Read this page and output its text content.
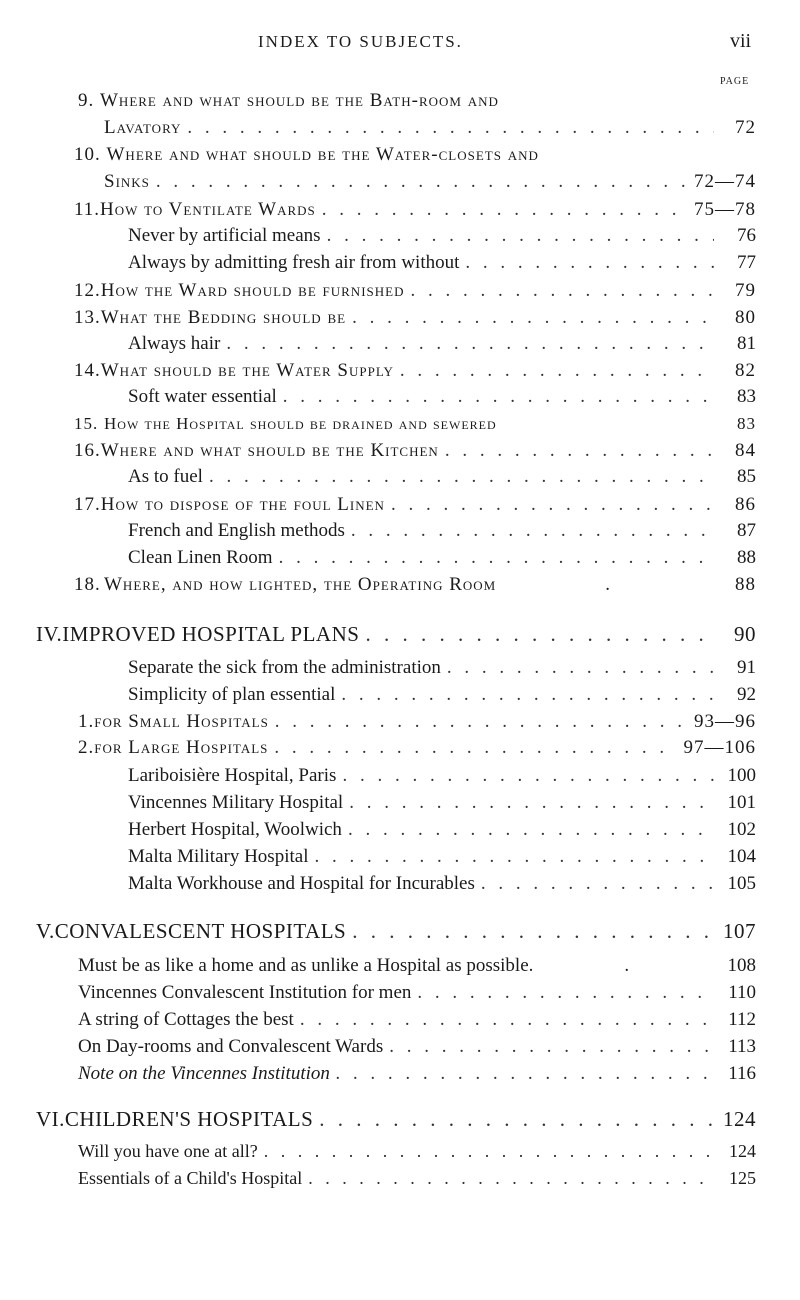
INDEX TO SUBJECTS.	vii
PAGE
9. Where and what should be the Bath-room and
Lavatory . . .	72
10. Where and what should be the Water-closets and
Sinks . . .	72—74
11. How to Ventilate Wards . . .	75—78
Never by artificial means . . .	76
Always by admitting fresh air from without . . .	77
12. How the Ward should be furnished . . .	79
13. What the Bedding should be . . .	80
Always hair . . .	81
14. What should be the Water Supply . . .	82
Soft water essential . . .	83
15. How the Hospital should be drained and sewered	83
16. Where and what should be the Kitchen . . .	84
As to fuel . . .	85
17. How to dispose of the foul Linen . . .	86
French and English methods . . .	87
Clean Linen Room . . .	88
18. Where, and how lighted, the Operating Room	.	88
IV. IMPROVED HOSPITAL PLANS . . .	90
Separate the sick from the administration . . .	91
Simplicity of plan essential . . .	92
1. for Small Hospitals . . .	93—96
2. for Large Hospitals . . .	97—106
Lariboisière Hospital, Paris . . .	100
Vincennes Military Hospital . . .	101
Herbert Hospital, Woolwich . . .	102
Malta Military Hospital . . .	104
Malta Workhouse and Hospital for Incurables . . .	105
V. CONVALESCENT HOSPITALS . . .	107
Must be as like a home and as unlike a Hospital as possible.	.	108
Vincennes Convalescent Institution for men . . .	110
A string of Cottages the best . . .	112
On Day-rooms and Convalescent Wards . . .	113
Note on the Vincennes Institution . . .	116
VI. CHILDREN'S HOSPITALS . . .	124
Will you have one at all? . . .	124
Essentials of a Child's Hospital . . .	125
